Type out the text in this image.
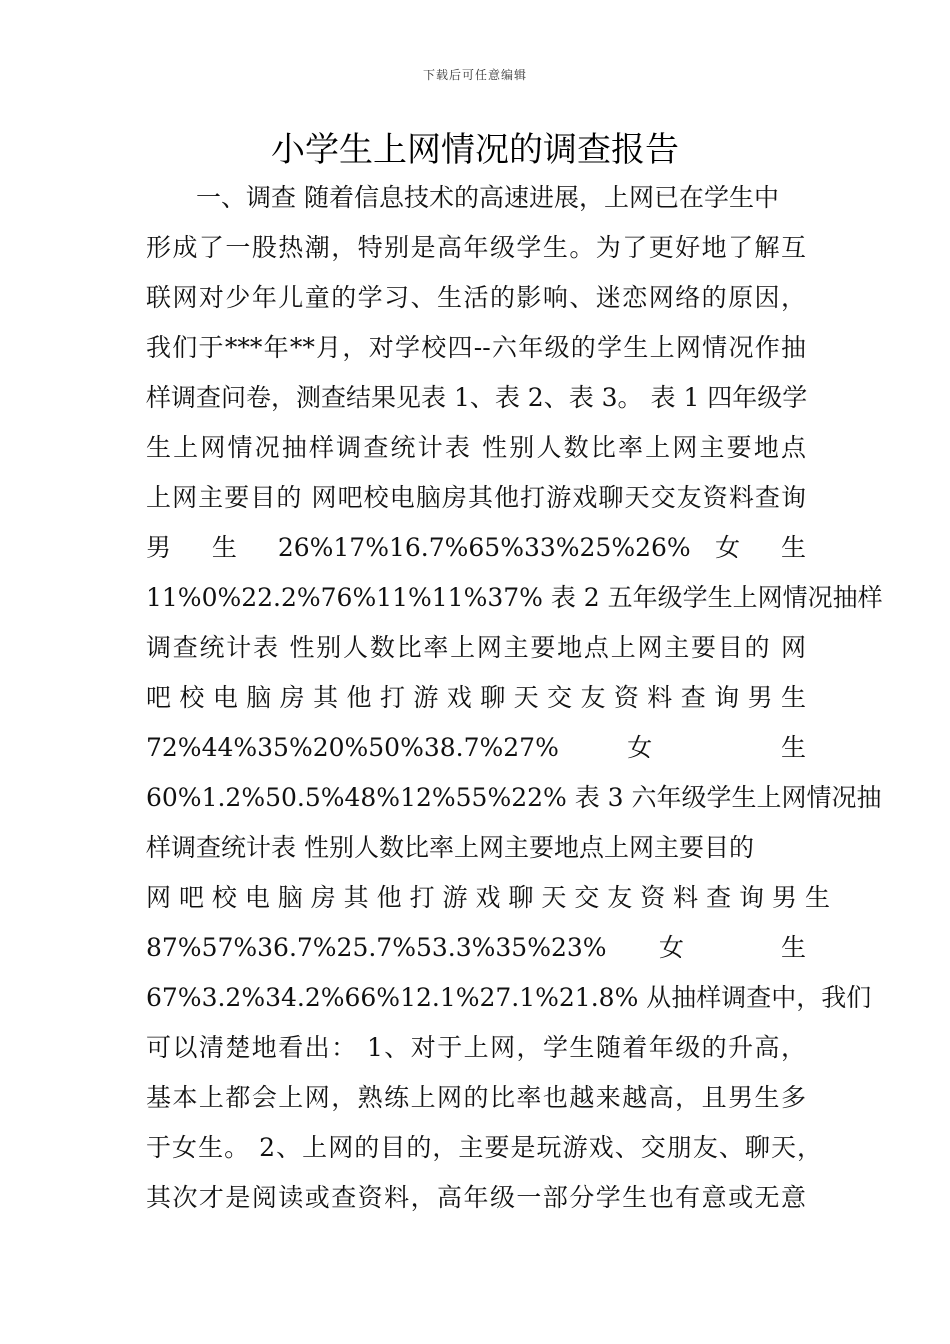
下载后可任意编辑
小学生上网情况的调查报告
　　一、调查 随着信息技术的高速进展，上网已在学生中
形成了一股热潮，特别是高年级学生。为了更好地了解互
联网对少年儿童的学习、生活的影响、迷恋网络的原因，
我们于***年**月，对学校四--六年级的学生上网情况作抽
样调查问卷，测查结果见表 1、表 2、表 3。 表 1 四年级学
生上网情况抽样调查统计表 性别人数比率上网主要地点
上网主要目的 网吧校电脑房其他打游戏聊天交友资料查询
男 生 26%17%16.7%65%33%25%26% 女 生
11%0%22.2%76%11%11%37% 表 2 五年级学生上网情况抽样
调查统计表 性别人数比率上网主要地点上网主要目的 网
吧 校 电 脑 房 其 他 打 游 戏 聊 天 交 友 资 料 查 询 男 生
72%44%35%20%50%38.7%27% 女 生
60%1.2%50.5%48%12%55%22% 表 3 六年级学生上网情况抽
样调查统计表 性别人数比率上网主要地点上网主要目的
网 吧 校 电 脑 房 其 他 打 游 戏 聊 天 交 友 资 料 查 询 男 生
87%57%36.7%25.7%53.3%35%23% 女 生
67%3.2%34.2%66%12.1%27.1%21.8% 从抽样调查中，我们
可以清楚地看出： 1、对于上网，学生随着年级的升高，
基本上都会上网，熟练上网的比率也越来越高，且男生多
于女生。 2、上网的目的，主要是玩游戏、交朋友、聊天，
其次才是阅读或查资料，高年级一部分学生也有意或无意
